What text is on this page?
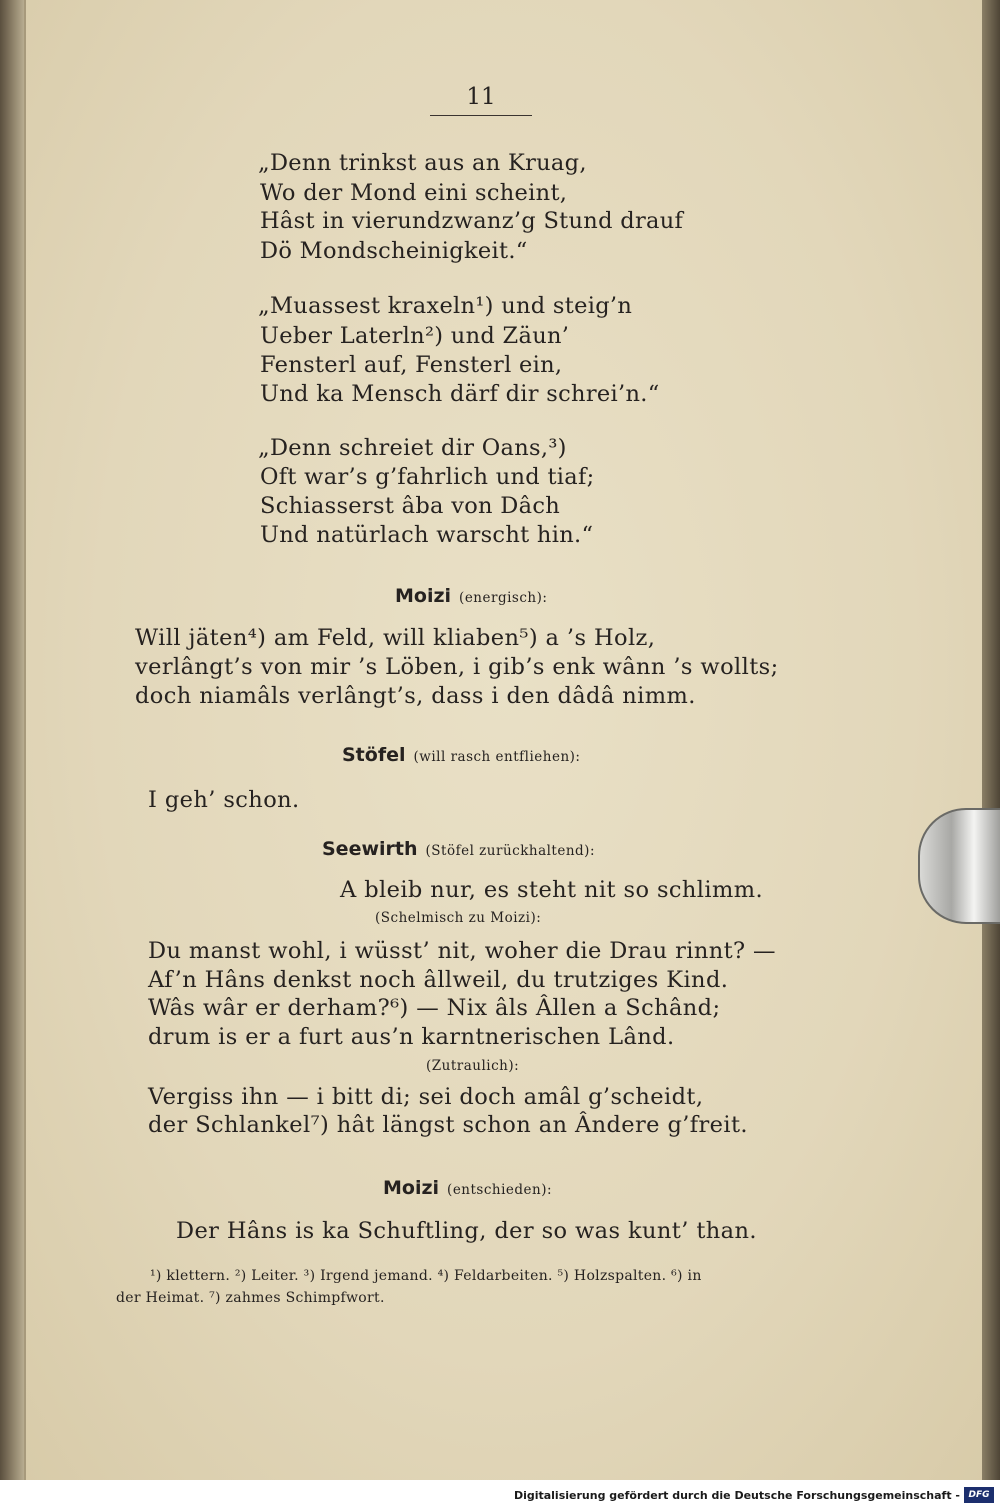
11
„Denn trinkst aus an Kruag,
Wo der Mond eini scheint,
Hâst in vierundzwanz’g Stund drauf
Dö Mondscheinigkeit.“
„Muassest kraxeln¹) und steig’n
Ueber Laterln²) und Zäun’
Fensterl auf, Fensterl ein,
Und ka Mensch därf dir schrei’n.“
„Denn schreiet dir Oans,³)
Oft war’s g’fahrlich und tiaf;
Schiasserst âba von Dâch
Und natürlach warscht hin.“
Moizi (energisch):
Will jäten⁴) am Feld, will kliaben⁵) a ’s Holz,
verlângt’s von mir ’s Löben, i gib’s enk wânn ’s wollts;
doch niamâls verlângt’s, dass i den dâdâ nimm.
Stöfel (will rasch entfliehen):
I geh’ schon.
Seewirth (Stöfel zurückhaltend):
A bleib nur, es steht nit so schlimm.
(Schelmisch zu Moizi):
Du manst wohl, i wüsst’ nit, woher die Drau rinnt? —
Af’n Hâns denkst noch âllweil, du trutziges Kind.
Wâs wâr er derham?⁶) — Nix âls Âllen a Schând;
drum is er a furt aus’n karntnerischen Lând.
(Zutraulich):
Vergiss ihn — i bitt di; sei doch amâl g’scheidt,
der Schlankel⁷) hât längst schon an Ândere g’freit.
Moizi (entschieden):
Der Hâns is ka Schuftling, der so was kunt’ than.
¹) klettern. ²) Leiter. ³) Irgend jemand. ⁴) Feldarbeiten. ⁵) Holzspalten. ⁶) in
der Heimat. ⁷) zahmes Schimpfwort.
Digitalisierung gefördert durch die Deutsche Forschungsgemeinschaft - DFG
